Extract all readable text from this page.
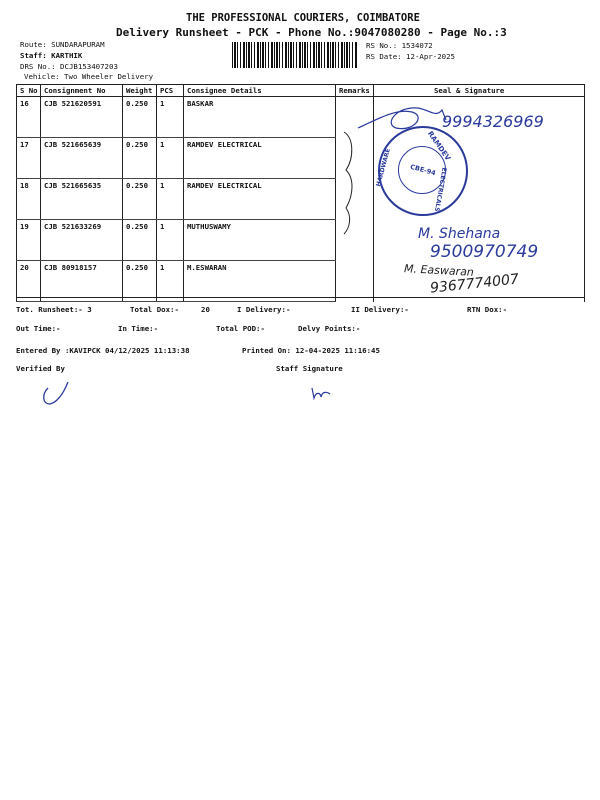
THE PROFESSIONAL COURIERS, COIMBATORE
Delivery Runsheet - PCK - Phone No.:9047080280 - Page No.:3
Route: SUNDARAPURAM
Staff: KARTHIK
DRS No.: DCJB153407203
Vehicle: Two Wheeler Delivery
RS No.: 1534072
RS Date: 12-Apr-2025
S No	Consignment No	Weight	PCS	Consignee Details	Remarks	Seal & Signature
16	CJB 521620591	0.250	1	BASKAR		
17	CJB 521665639	0.250	1	RAMDEV ELECTRICAL		
18	CJB 521665635	0.250	1	RAMDEV ELECTRICAL		
19	CJB 521633269	0.250	1	MUTHUSWAMY		
20	CJB 80918157	0.250	1	M.ESWARAN		
9994326969
RAMDEV
ELECTRICALS
HARDWARE	CBE-94
M. Shehana
9500970749
M. Easwaran
9367774007
Tot. Runsheet:- 3	Total Dox:-	20	I Delivery:-	II Delivery:-	RTN Dox:-
Out Time:-	In Time:-	Total POD:-	Delvy Points:-
Entered By :KAVIPCK 04/12/2025 11:13:38	Printed On: 12-04-2025 11:16:45
Verified By	Staff Signature
